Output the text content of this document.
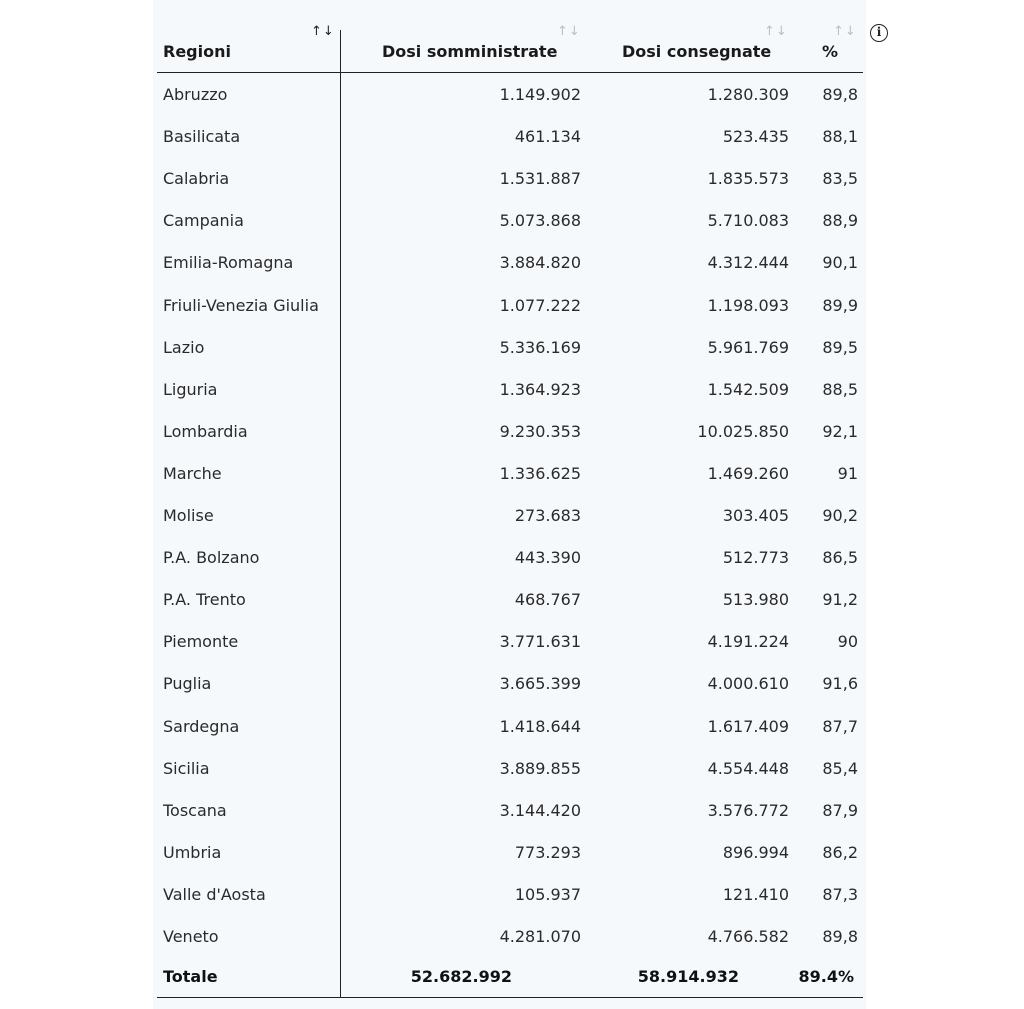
↑↓	↑↓	↑↓	↑↓	i
Regioni	Dosi somministrate	Dosi consegnate	%
Abruzzo	1.149.902	1.280.309 89,8
Basilicata	461.134	523.435 88,1
Calabria	1.531.887	1.835.573 83,5
Campania	5.073.868	5.710.083 88,9
Emilia-Romagna	3.884.820	4.312.444 90,1
Friuli-Venezia Giulia	1.077.222	1.198.093 89,9
Lazio	5.336.169	5.961.769 89,5
Liguria	1.364.923	1.542.509 88,5
Lombardia	9.230.353	10.025.850 92,1
Marche	1.336.625	1.469.260	91
Molise	273.683	303.405 90,2
P.A. Bolzano	443.390	512.773 86,5
P.A. Trento	468.767	513.980 91,2
Piemonte	3.771.631	4.191.224	90
Puglia	3.665.399	4.000.610 91,6
Sardegna	1.418.644	1.617.409 87,7
Sicilia	3.889.855	4.554.448 85,4
Toscana	3.144.420	3.576.772 87,9
Umbria	773.293	896.994 86,2
Valle d'Aosta	105.937	121.410 87,3
Veneto	4.281.070	4.766.582 89,8
Totale	52.682.992	58.914.932	89.4%
